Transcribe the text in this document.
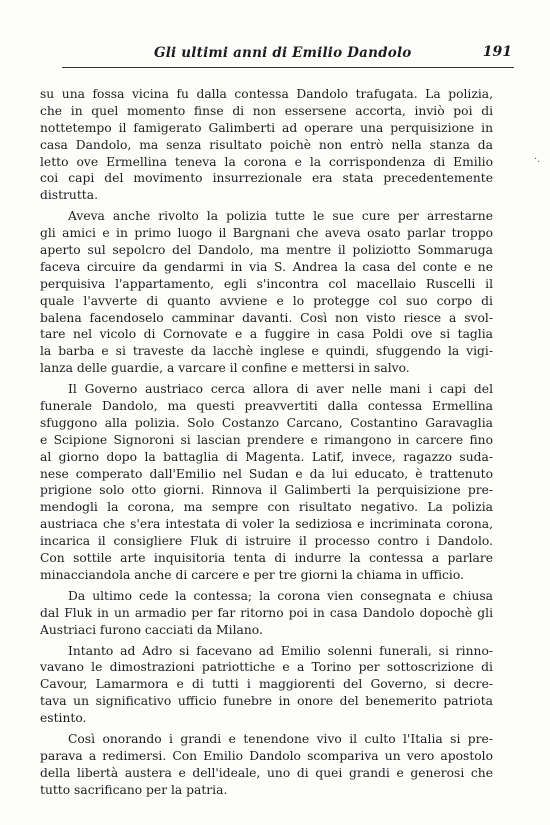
Gli ultimi anni di Emilio Dandolo	191
·.
su una fossa vicina fu dalla contessa Dandolo trafugata. La polizia,
che in quel momento finse di non essersene accorta, inviò poi di
nottetempo il famigerato Galimberti ad operare una perquisizione in
casa Dandolo, ma senza risultato poichè non entrò nella stanza da
letto ove Ermellina teneva la corona e la corrispondenza di Emilio
coi capi del movimento insurrezionale era stata precedentemente
distrutta.
Aveva anche rivolto la polizia tutte le sue cure per arrestarne
gli amici e in primo luogo il Bargnani che aveva osato parlar troppo
aperto sul sepolcro del Dandolo, ma mentre il poliziotto Sommaruga
faceva circuire da gendarmi in via S. Andrea la casa del conte e ne
perquisiva l'appartamento, egli s'incontra col macellaio Ruscelli il
quale l'avverte di quanto avviene e lo protegge col suo corpo di
balena facendoselo camminar davanti. Così non visto riesce a svol-
tare nel vicolo di Cornovate e a fuggire in casa Poldi ove si taglia
la barba e si traveste da lacchè inglese e quindi, sfuggendo la vigi-
lanza delle guardie, a varcare il confine e mettersi in salvo.
Il Governo austriaco cerca allora di aver nelle mani i capi del
funerale Dandolo, ma questi preavvertiti dalla contessa Ermellina
sfuggono alla polizia. Solo Costanzo Carcano, Costantino Garavaglia
e Scipione Signoroni si lascian prendere e rimangono in carcere fino
al giorno dopo la battaglia di Magenta. Latif, invece, ragazzo suda-
nese comperato dall'Emilio nel Sudan e da lui educato, è trattenuto
prigione solo otto giorni. Rinnova il Galimberti la perquisizione pre-
mendogli la corona, ma sempre con risultato negativo. La polizia
austriaca che s'era intestata di voler la sediziosa e incriminata corona,
incarica il consigliere Fluk di istruire il processo contro i Dandolo.
Con sottile arte inquisitoria tenta di indurre la contessa a parlare
minacciandola anche di carcere e per tre giorni la chiama in ufficio.
Da ultimo cede la contessa; la corona vien consegnata e chiusa
dal Fluk in un armadio per far ritorno poi in casa Dandolo dopochè gli
Austriaci furono cacciati da Milano.
Intanto ad Adro si facevano ad Emilio solenni funerali, si rinno-
vavano le dimostrazioni patriottiche e a Torino per sottoscrizione di
Cavour, Lamarmora e di tutti i maggiorenti del Governo, si decre-
tava un significativo ufficio funebre in onore del benemerito patriota
estinto.
Così onorando i grandi e tenendone vivo il culto l'Italia si pre-
parava a redimersi. Con Emilio Dandolo scompariva un vero apostolo
della libertà austera e dell'ideale, uno di quei grandi e generosi che
tutto sacrificano per la patria.
